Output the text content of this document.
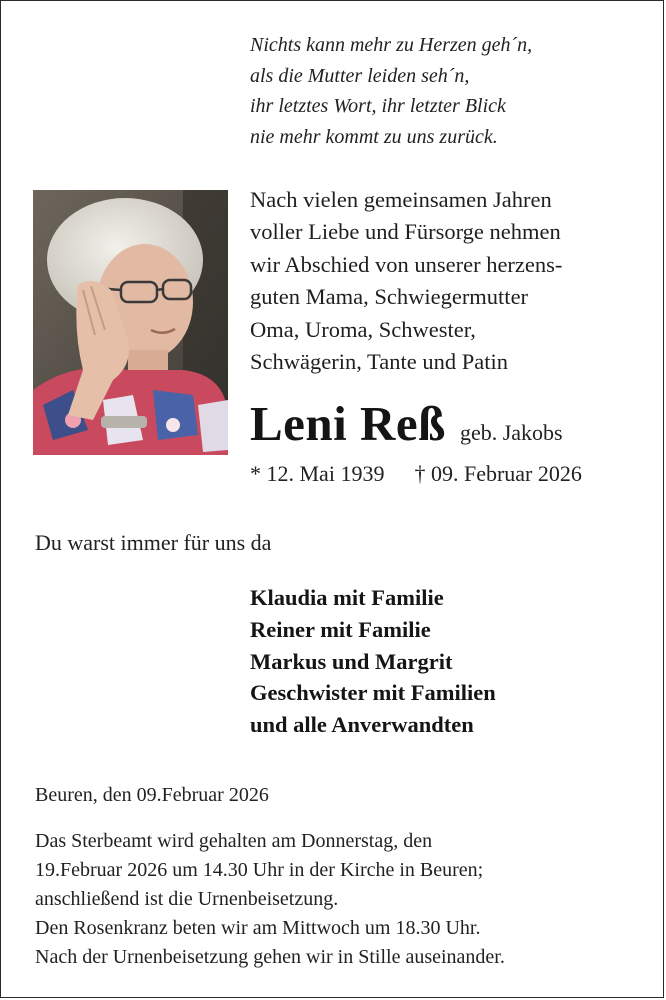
Nichts kann mehr zu Herzen geh´n,
als die Mutter leiden seh´n,
ihr letztes Wort, ihr letzter Blick
nie mehr kommt zu uns zurück.
Nach vielen gemeinsamen Jahren
voller Liebe und Fürsorge nehmen
wir Abschied von unserer herzens-
guten Mama, Schwiegermutter
Oma, Uroma, Schwester,
Schwägerin, Tante und Patin
Leni Reß geb. Jakobs
* 12. Mai 1939 † 09. Februar 2026
Du warst immer für uns da
Klaudia mit Familie
Reiner mit Familie
Markus und Margrit
Geschwister mit Familien
und alle Anverwandten
Beuren, den 09.Februar 2026
Das Sterbeamt wird gehalten am Donnerstag, den
19.Februar 2026 um 14.30 Uhr in der Kirche in Beuren;
anschließend ist die Urnenbeisetzung.
Den Rosenkranz beten wir am Mittwoch um 18.30 Uhr.
Nach der Urnenbeisetzung gehen wir in Stille auseinander.
